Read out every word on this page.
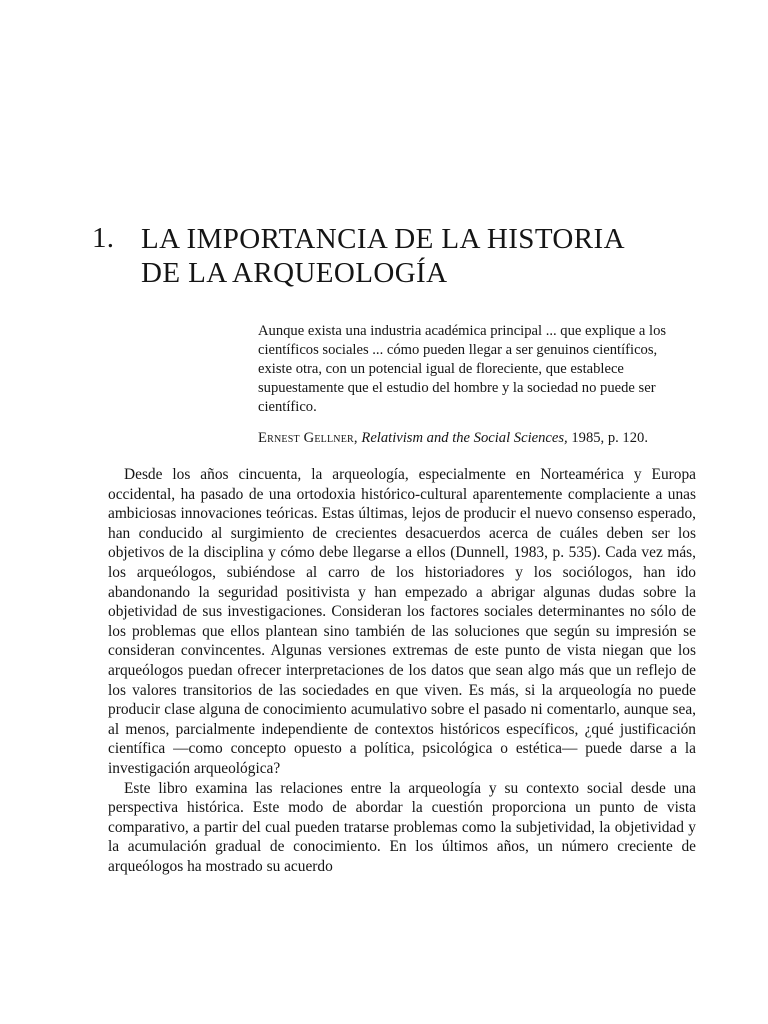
1. LA IMPORTANCIA DE LA HISTORIA
DE LA ARQUEOLOGÍA

Aunque exista una industria académica principal ... que explique a los científicos sociales ... cómo pueden llegar a ser genuinos científicos, existe otra, con un potencial igual de floreciente, que establece supuestamente que el estudio del hombre y la sociedad no puede ser científico.

Ernest Gellner, Relativism and the Social Sciences, 1985, p. 120.

Desde los años cincuenta, la arqueología, especialmente en Norteamérica y Europa occidental, ha pasado de una ortodoxia histórico-cultural aparentemente complaciente a unas ambiciosas innovaciones teóricas. Estas últimas, lejos de producir el nuevo consenso esperado, han conducido al surgimiento de crecientes desacuerdos acerca de cuáles deben ser los objetivos de la disciplina y cómo debe llegarse a ellos (Dunnell, 1983, p. 535). Cada vez más, los arqueólogos, subiéndose al carro de los historiadores y los sociólogos, han ido abandonando la seguridad positivista y han empezado a abrigar algunas dudas sobre la objetividad de sus investigaciones. Consideran los factores sociales determinantes no sólo de los problemas que ellos plantean sino también de las soluciones que según su impresión se consideran convincentes. Algunas versiones extremas de este punto de vista niegan que los arqueólogos puedan ofrecer interpretaciones de los datos que sean algo más que un reflejo de los valores transitorios de las sociedades en que viven. Es más, si la arqueología no puede producir clase alguna de conocimiento acumulativo sobre el pasado ni comentarlo, aunque sea, al menos, parcialmente independiente de contextos históricos específicos, ¿qué justificación científica —como concepto opuesto a política, psicológica o estética— puede darse a la investigación arqueológica?

Este libro examina las relaciones entre la arqueología y su contexto social desde una perspectiva histórica. Este modo de abordar la cuestión proporciona un punto de vista comparativo, a partir del cual pueden tratarse problemas como la subjetividad, la objetividad y la acumulación gradual de conocimiento. En los últimos años, un número creciente de arqueólogos ha mostrado su acuerdo
